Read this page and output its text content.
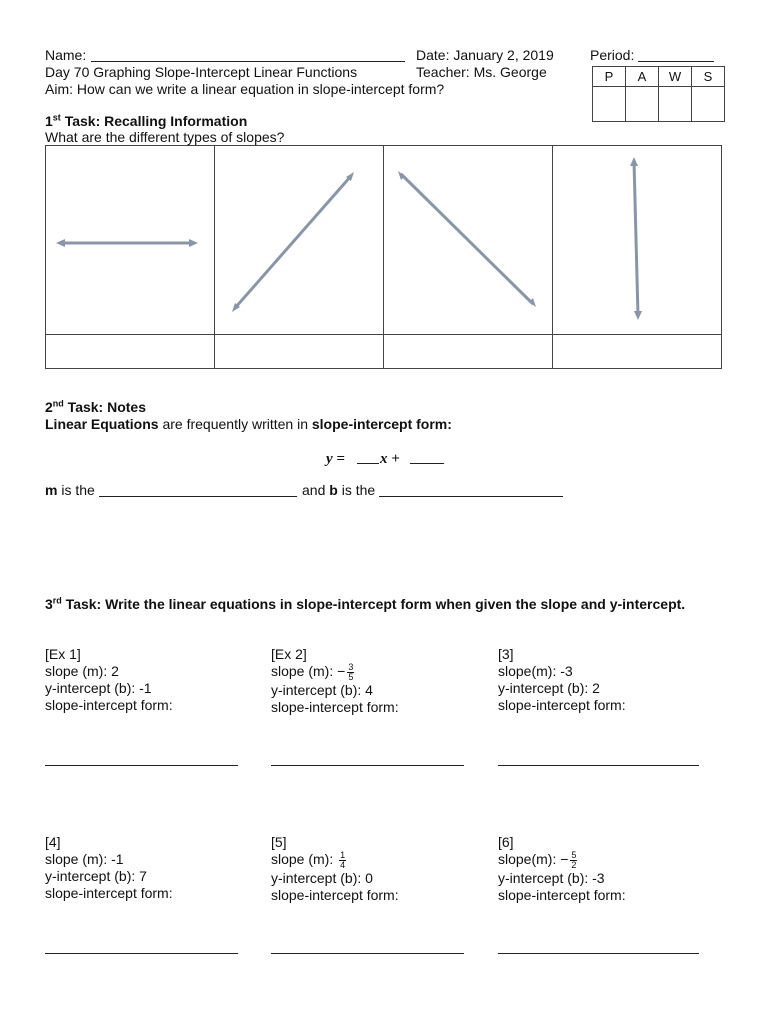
Name:	Date: January 2, 2019	Period:
Day 70 Graphing Slope-Intercept Linear Functions	Teacher: Ms. George
Aim: How can we write a linear equation in slope-intercept form?
P	A	W	S

1st Task: Recalling Information
What are the different types of slopes?

2nd Task: Notes
Linear Equations are frequently written in slope-intercept form:
y = x +
m is the	and b is the
3rd Task: Write the linear equations in slope-intercept form when given the slope and y-intercept.
[Ex 1]
slope (m): 2
y-intercept (b): -1
slope-intercept form:
[Ex 2]
slope (m): − $\frac{3}{5}$
y-intercept (b): 4
slope-intercept form:
[3]
slope(m): -3
y-intercept (b): 2
slope-intercept form:
[4]
slope (m): -1
y-intercept (b): 7
slope-intercept form:
[5]
slope (m): $\frac{1}{4}$
y-intercept (b): 0
slope-intercept form:
[6]
slope(m): − $\frac{5}{2}$
y-intercept (b): -3
slope-intercept form:
